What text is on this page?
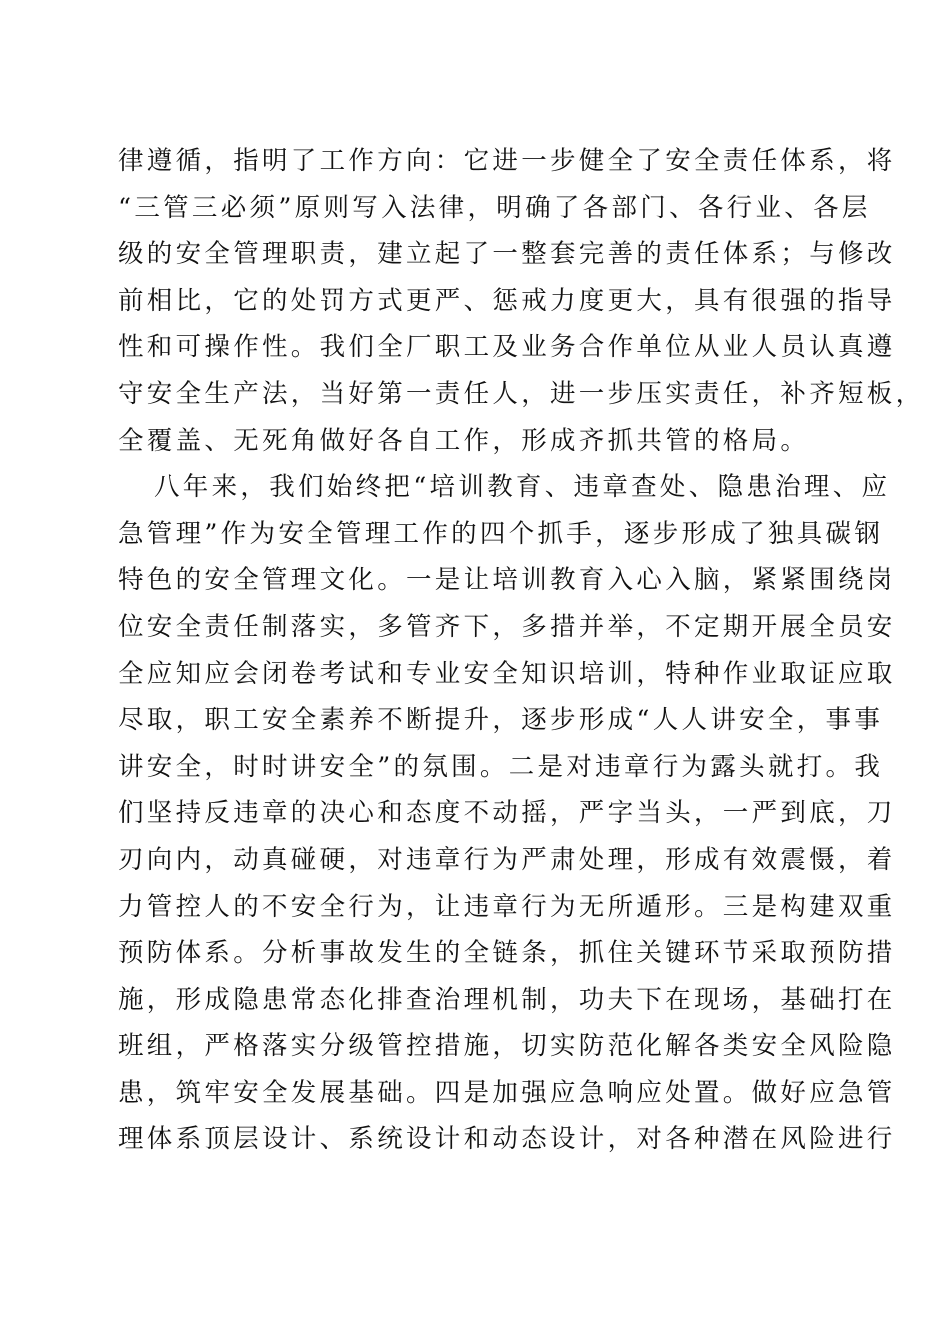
律遵循，指明了工作方向：它进一步健全了安全责任体系，将
“三管三必须”原则写入法律，明确了各部门、各行业、各层
级的安全管理职责，建立起了一整套完善的责任体系；与修改
前相比，它的处罚方式更严、惩戒力度更大，具有很强的指导
性和可操作性。我们全厂职工及业务合作单位从业人员认真遵
守安全生产法，当好第一责任人，进一步压实责任，补齐短板，
全覆盖、无死角做好各自工作，形成齐抓共管的格局。
八年来，我们始终把“培训教育、违章查处、隐患治理、应
急管理”作为安全管理工作的四个抓手，逐步形成了独具碳钢
特色的安全管理文化。一是让培训教育入心入脑，紧紧围绕岗
位安全责任制落实，多管齐下，多措并举，不定期开展全员安
全应知应会闭卷考试和专业安全知识培训，特种作业取证应取
尽取，职工安全素养不断提升，逐步形成“人人讲安全，事事
讲安全，时时讲安全”的氛围。二是对违章行为露头就打。我
们坚持反违章的决心和态度不动摇，严字当头，一严到底，刀
刃向内，动真碰硬，对违章行为严肃处理，形成有效震慑，着
力管控人的不安全行为，让违章行为无所遁形。三是构建双重
预防体系。分析事故发生的全链条，抓住关键环节采取预防措
施，形成隐患常态化排查治理机制，功夫下在现场，基础打在
班组，严格落实分级管控措施，切实防范化解各类安全风险隐
患，筑牢安全发展基础。四是加强应急响应处置。做好应急管
理体系顶层设计、系统设计和动态设计，对各种潜在风险进行
